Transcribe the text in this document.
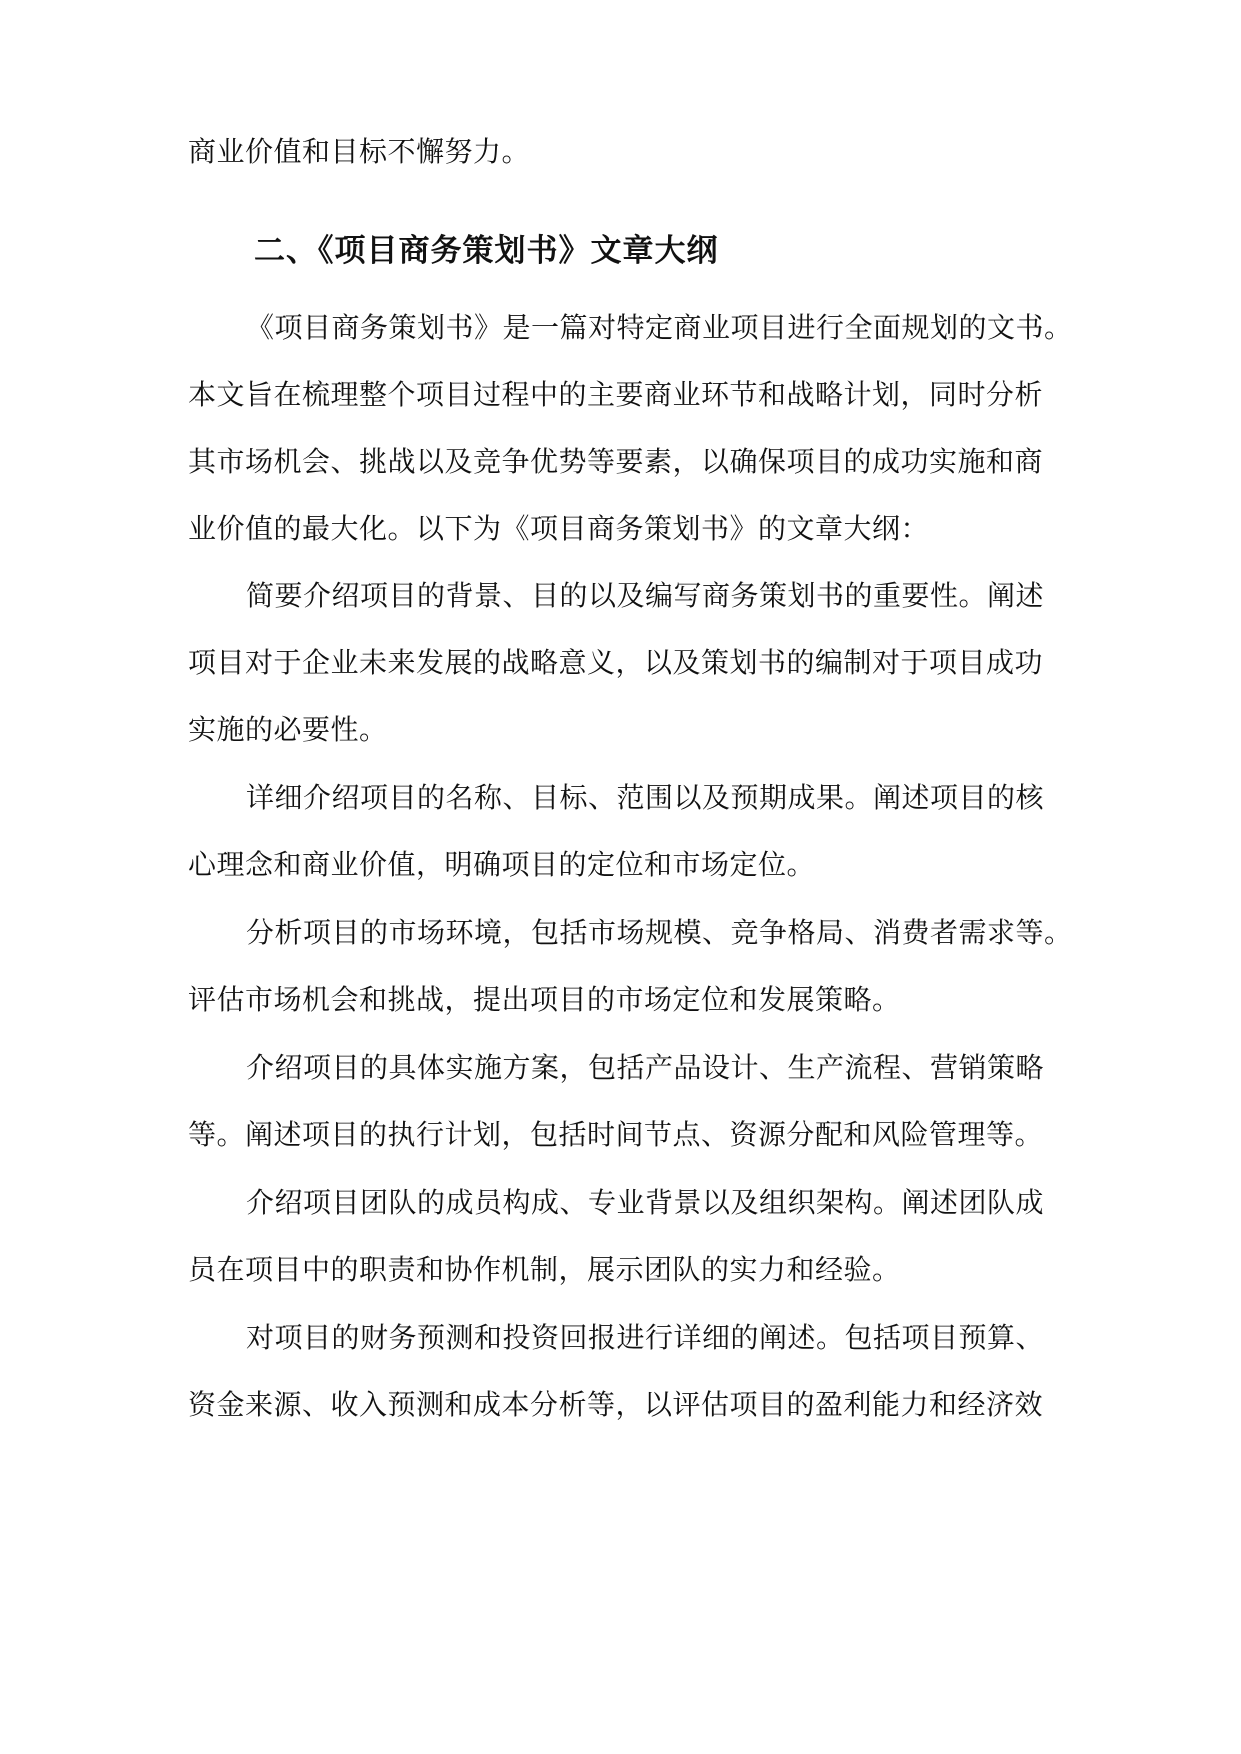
商业价值和目标不懈努力。
二、《项目商务策划书》文章大纲
《项目商务策划书》是一篇对特定商业项目进行全面规划的文书。
本文旨在梳理整个项目过程中的主要商业环节和战略计划，同时分析
其市场机会、挑战以及竞争优势等要素，以确保项目的成功实施和商
业价值的最大化。以下为《项目商务策划书》的文章大纲：
简要介绍项目的背景、目的以及编写商务策划书的重要性。阐述
项目对于企业未来发展的战略意义，以及策划书的编制对于项目成功
实施的必要性。
详细介绍项目的名称、目标、范围以及预期成果。阐述项目的核
心理念和商业价值，明确项目的定位和市场定位。
分析项目的市场环境，包括市场规模、竞争格局、消费者需求等。
评估市场机会和挑战，提出项目的市场定位和发展策略。
介绍项目的具体实施方案，包括产品设计、生产流程、营销策略
等。阐述项目的执行计划，包括时间节点、资源分配和风险管理等。
介绍项目团队的成员构成、专业背景以及组织架构。阐述团队成
员在项目中的职责和协作机制，展示团队的实力和经验。
对项目的财务预测和投资回报进行详细的阐述。包括项目预算、
资金来源、收入预测和成本分析等，以评估项目的盈利能力和经济效
